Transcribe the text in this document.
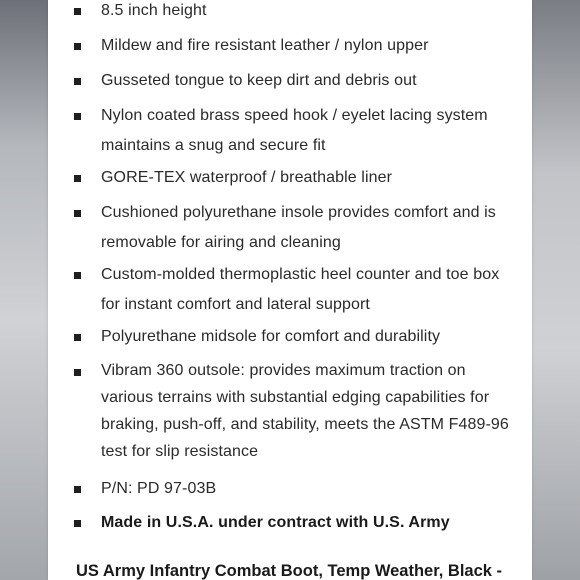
8.5 inch height
Mildew and fire resistant leather / nylon upper
Gusseted tongue to keep dirt and debris out
Nylon coated brass speed hook / eyelet lacing system maintains a snug and secure fit
GORE-TEX waterproof / breathable liner
Cushioned polyurethane insole provides comfort and is removable for airing and cleaning
Custom-molded thermoplastic heel counter and toe box for instant comfort and lateral support
Polyurethane midsole for comfort and durability
Vibram 360 outsole: provides maximum traction on various terrains with substantial edging capabilities for braking, push-off, and stability, meets the ASTM F489-96 test for slip resistance
P/N: PD 97-03B
Made in U.S.A. under contract with U.S. Army
US Army Infantry Combat Boot, Temp Weather, Black -
